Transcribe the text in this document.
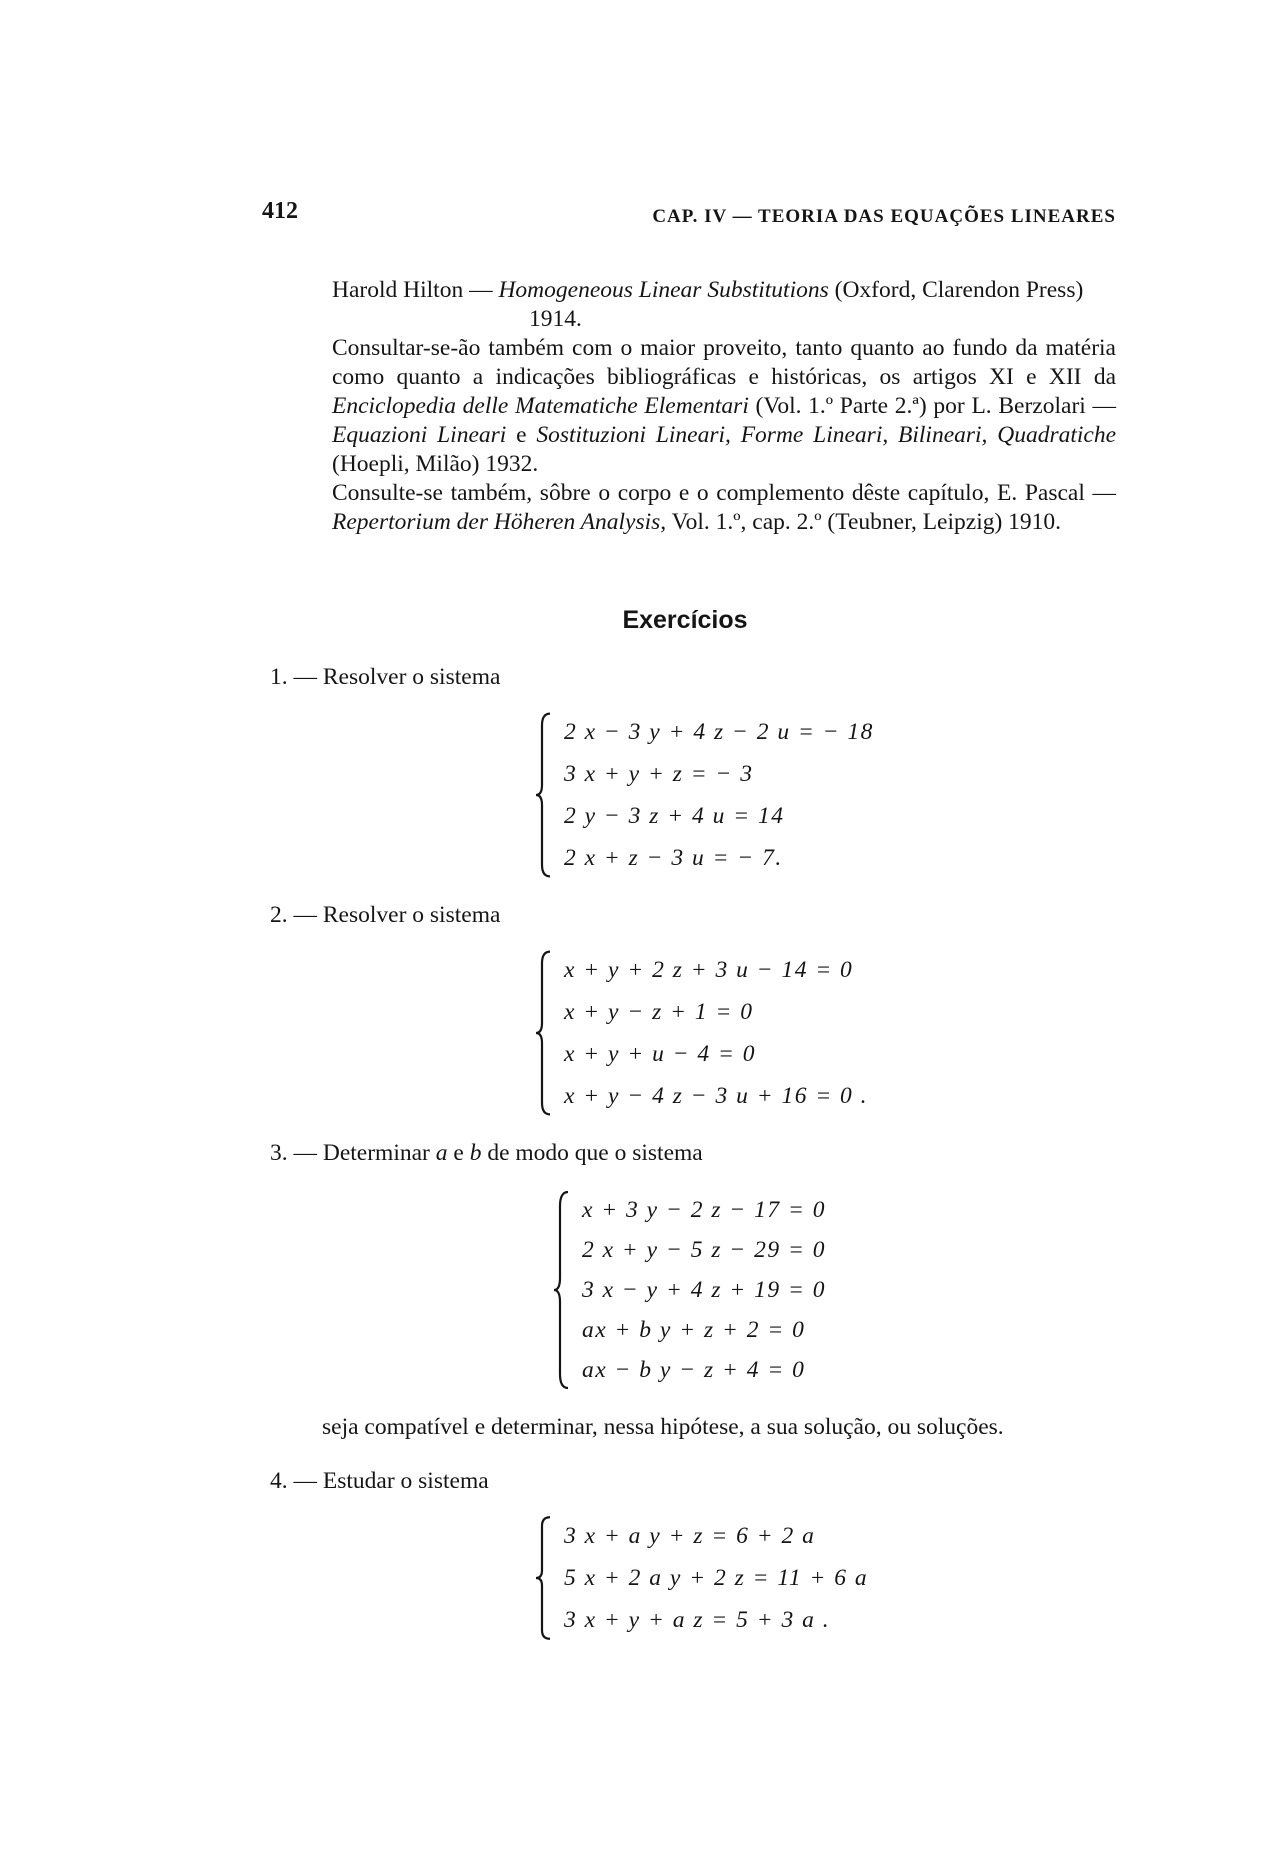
412	CAP. IV — TEORIA DAS EQUAÇÕES LINEARES

Harold Hilton — Homogeneous Linear Substitutions (Oxford, Clarendon Press) 1914.

Consultar-se-ão também com o maior proveito, tanto quanto ao fundo da matéria como quanto a indicações bibliográficas e históricas, os artigos XI e XII da Enciclopedia delle Matematiche Elementari (Vol. 1.º Parte 2.ª) por L. Berzolari — Equazioni Lineari e Sostituzioni Lineari, Forme Lineari, Bilineari, Quadratiche (Hoepli, Milão) 1932.

Consulte-se também, sôbre o corpo e o complemento dêste capítulo, E. Pascal — Repertorium der Höheren Analysis, Vol. 1.º, cap. 2.º (Teubner, Leipzig) 1910.

Exercícios
1. — Resolver o sistema
2 x − 3 y + 4 z − 2 u = − 18
3 x + y + z = − 3
2 y − 3 z + 4 u = 14
2 x + z − 3 u = − 7.
2. — Resolver o sistema
x + y + 2 z + 3 u − 14 = 0
x + y − z + 1 = 0
x + y + u − 4 = 0
x + y − 4 z − 3 u + 16 = 0 .
3. — Determinar a e b de modo que o sistema
x + 3 y − 2 z − 17 = 0
2 x + y − 5 z − 29 = 0
3 x − y + 4 z + 19 = 0
ax + b y + z + 2 = 0
ax − b y − z + 4 = 0
seja compatível e determinar, nessa hipótese, a sua solução, ou soluções.
4. — Estudar o sistema
3 x + a y + z = 6 + 2 a
5 x + 2 a y + 2 z = 11 + 6 a
3 x + y + a z = 5 + 3 a .
